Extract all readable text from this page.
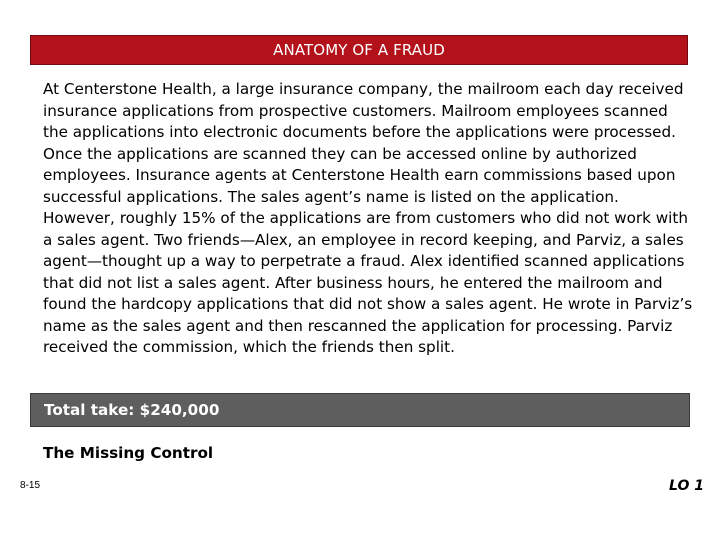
ANATOMY OF A FRAUD

At Centerstone Health, a large insurance company, the mailroom each day received insurance applications from prospective customers. Mailroom employees scanned the applications into electronic documents before the applications were processed. Once the applications are scanned they can be accessed online by authorized employees. Insurance agents at Centerstone Health earn commissions based upon successful applications. The sales agent’s name is listed on the application. However, roughly 15% of the applications are from customers who did not work with a sales agent. Two friends—Alex, an employee in record keeping, and Parviz, a sales agent—thought up a way to perpetrate a fraud. Alex identified scanned applications that did not list a sales agent. After business hours, he entered the mailroom and found the hardcopy applications that did not show a sales agent. He wrote in Parviz’s name as the sales agent and then rescanned the application for processing. Parviz received the commission, which the friends then split.

Total take: $240,000
The Missing Control
8-15	LO 1
